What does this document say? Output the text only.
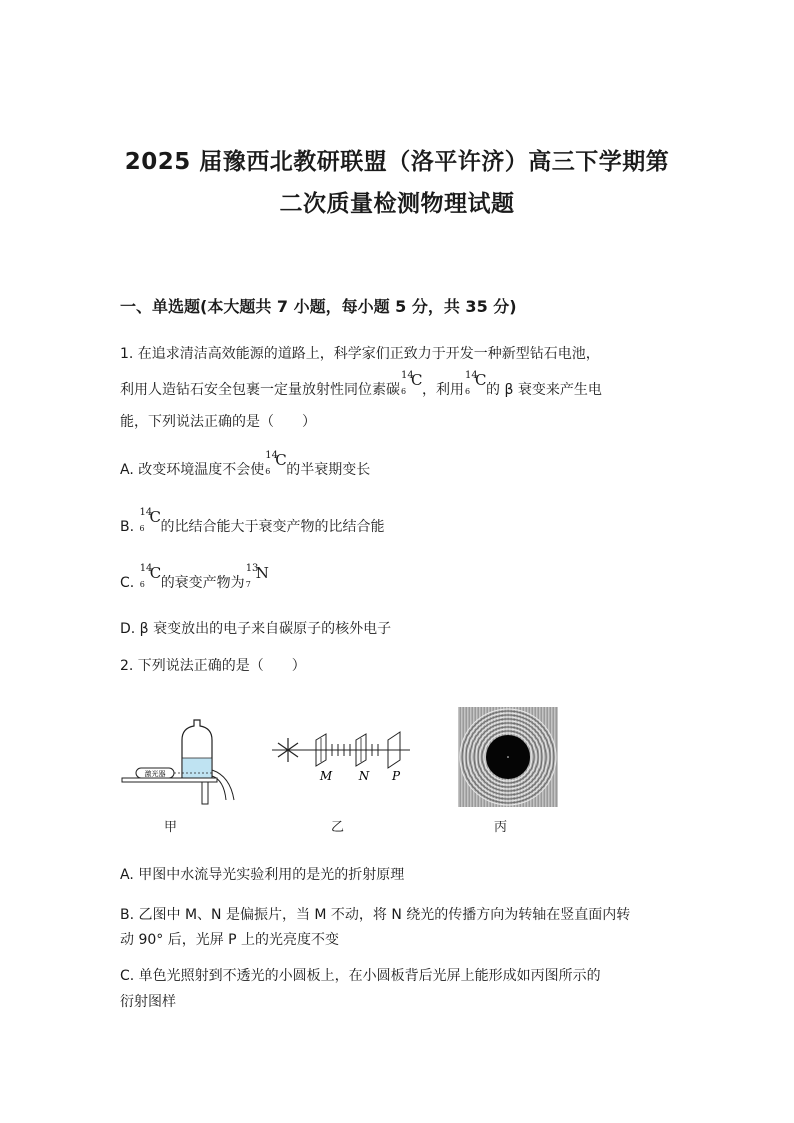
2025 届豫西北教研联盟（洛平许济）高三下学期第
二次质量检测物理试题
一、单选题(本大题共 7 小题，每小题 5 分，共 35 分)
1. 在追求清洁高效能源的道路上，科学家们正致力于开发一种新型钻石电池，
利用人造钻石安全包裹一定量放射性同位素碳
14
6
C
，利用
14
6
C
的 β 衰变来产生电
能，下列说法正确的是（　　）
A. 改变环境温度不会使
14
6
C
的半衰期变长
B.
14
6
C
的比结合能大于衰变产物的比结合能
C.
14
6
C
的衰变产物为
13
7
N
D. β 衰变放出的电子来自碳原子的核外电子
2. 下列说法正确的是（　　）
激光器
甲
M N P
乙	丙
A. 甲图中水流导光实验利用的是光的折射原理
B. 乙图中 M、N 是偏振片，当 M 不动，将 N 绕光的传播方向为转轴在竖直面内转
动 90° 后，光屏 P 上的光亮度不变
C. 单色光照射到不透光的小圆板上，在小圆板背后光屏上能形成如丙图所示的
衍射图样
